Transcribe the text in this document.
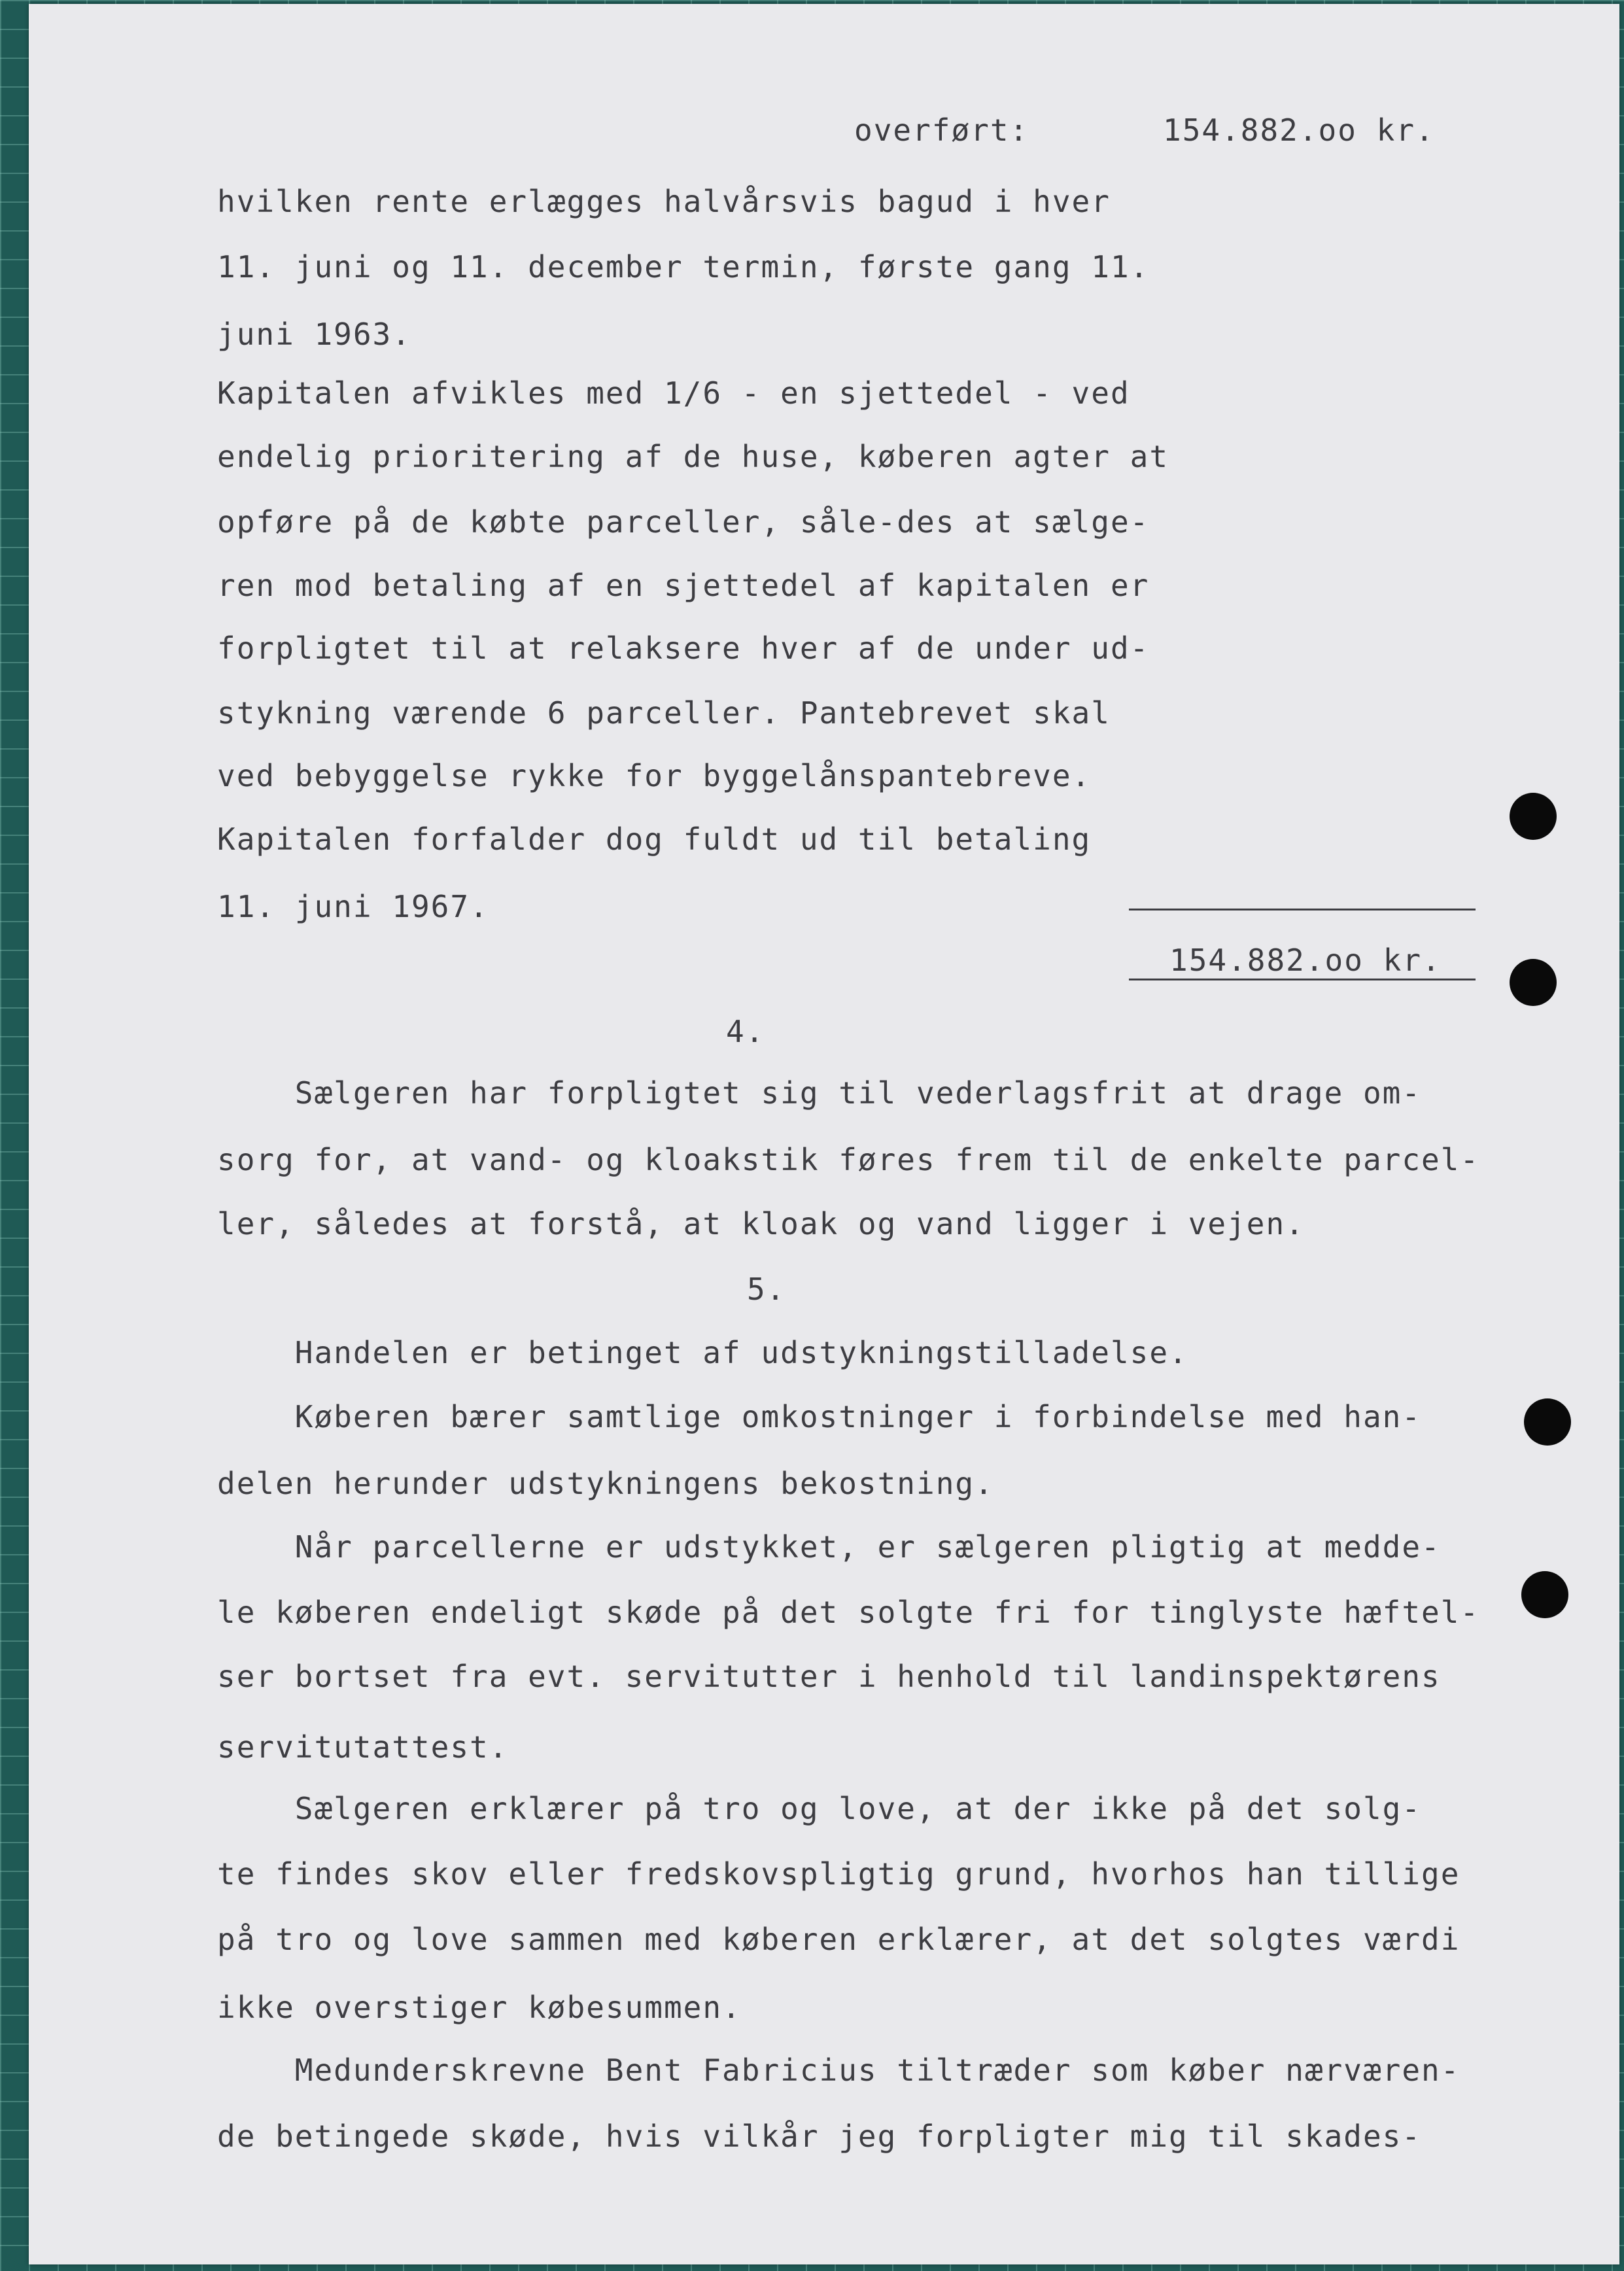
overført:	154.882.oo kr.
hvilken rente erlægges halvårsvis bagud i hver
11. juni og 11. december termin, første gang 11.
juni 1963.
Kapitalen afvikles med 1/6 - en sjettedel - ved
endelig prioritering af de huse, køberen agter at
opføre på de købte parceller, såle-des at sælge-
ren mod betaling af en sjettedel af kapitalen er
forpligtet til at relaksere hver af de under ud-
stykning værende 6 parceller. Pantebrevet skal
ved bebyggelse rykke for byggelånspantebreve.
Kapitalen forfalder dog fuldt ud til betaling
11. juni 1967.
154.882.oo kr.
4.
Sælgeren har forpligtet sig til vederlagsfrit at drage om-
sorg for, at vand- og kloakstik føres frem til de enkelte parcel-
ler, således at forstå, at kloak og vand ligger i vejen.
5.
Handelen er betinget af udstykningstilladelse.
Køberen bærer samtlige omkostninger i forbindelse med han-
delen herunder udstykningens bekostning.
Når parcellerne er udstykket, er sælgeren pligtig at medde-
le køberen endeligt skøde på det solgte fri for tinglyste hæftel-
ser bortset fra evt. servitutter i henhold til landinspektørens
servitutattest.
Sælgeren erklærer på tro og love, at der ikke på det solg-
te findes skov eller fredskovspligtig grund, hvorhos han tillige
på tro og love sammen med køberen erklærer, at det solgtes værdi
ikke overstiger købesummen.
Medunderskrevne Bent Fabricius tiltræder som køber nærværen-
de betingede skøde, hvis vilkår jeg forpligter mig til skades-
